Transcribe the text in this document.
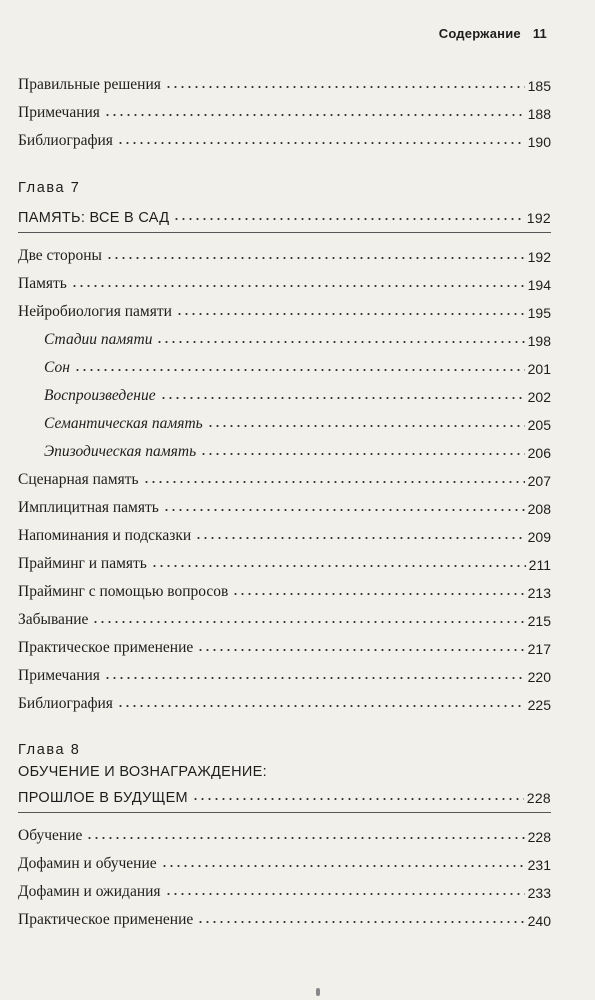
Содержание 11
Правильные решения	185
Примечания	188
Библиография	190
Глава 7
ПАМЯТЬ: ВСЕ В САД	192
Две стороны	192
Память	194
Нейробиология памяти	195
Стадии памяти	198
Сон	201
Воспроизведение	202
Семантическая память	205
Эпизодическая память	206
Сценарная память	207
Имплицитная память	208
Напоминания и подсказки	209
Прайминг и память	211
Прайминг с помощью вопросов	213
Забывание	215
Практическое применение	217
Примечания	220
Библиография	225
Глава 8
ОБУЧЕНИЕ И ВОЗНАГРАЖДЕНИЕ:
ПРОШЛОЕ В БУДУЩЕМ	228
Обучение	228
Дофамин и обучение	231
Дофамин и ожидания	233
Практическое применение	240
